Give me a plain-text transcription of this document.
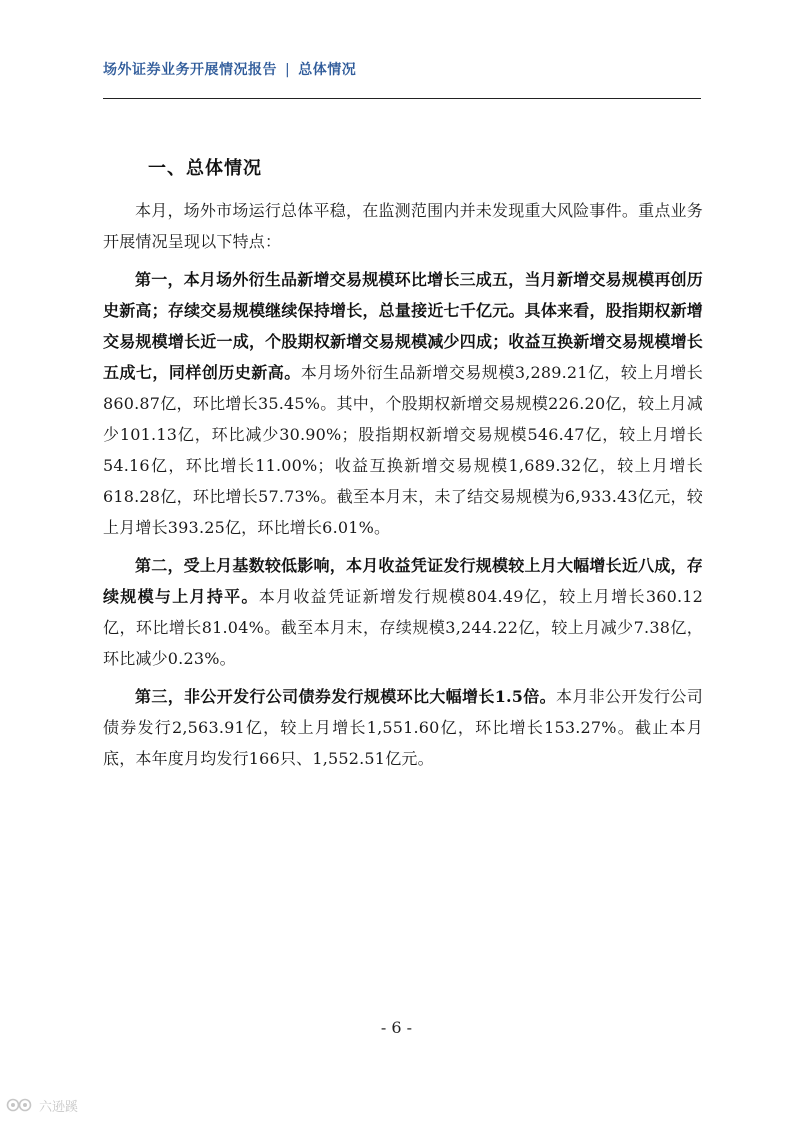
场外证券业务开展情况报告 | 总体情况
一、总体情况

本月，场外市场运行总体平稳，在监测范围内并未发现重大风险事件。重点业务开展情况呈现以下特点：

第一，本月场外衍生品新增交易规模环比增长三成五，当月新增交易规模再创历史新高；存续交易规模继续保持增长，总量接近七千亿元。具体来看，股指期权新增交易规模增长近一成，个股期权新增交易规模减少四成；收益互换新增交易规模增长五成七，同样创历史新高。本月场外衍生品新增交易规模3,289.21亿，较上月增长860.87亿，环比增长35.45%。其中，个股期权新增交易规模226.20亿，较上月减少101.13亿，环比减少30.90%；股指期权新增交易规模546.47亿，较上月增长54.16亿，环比增长11.00%；收益互换新增交易规模1,689.32亿，较上月增长618.28亿，环比增长57.73%。截至本月末，未了结交易规模为6,933.43亿元，较上月增长393.25亿，环比增长6.01%。

第二，受上月基数较低影响，本月收益凭证发行规模较上月大幅增长近八成，存续规模与上月持平。本月收益凭证新增发行规模804.49亿，较上月增长360.12亿，环比增长81.04%。截至本月末，存续规模3,244.22亿，较上月减少7.38亿，环比减少0.23%。

第三，非公开发行公司债券发行规模环比大幅增长1.5倍。本月非公开发行公司债券发行2,563.91亿，较上月增长1,551.60亿，环比增长153.27%。截止本月底，本年度月均发行166只、1,552.51亿元。

- 6 -
六逊蹊
